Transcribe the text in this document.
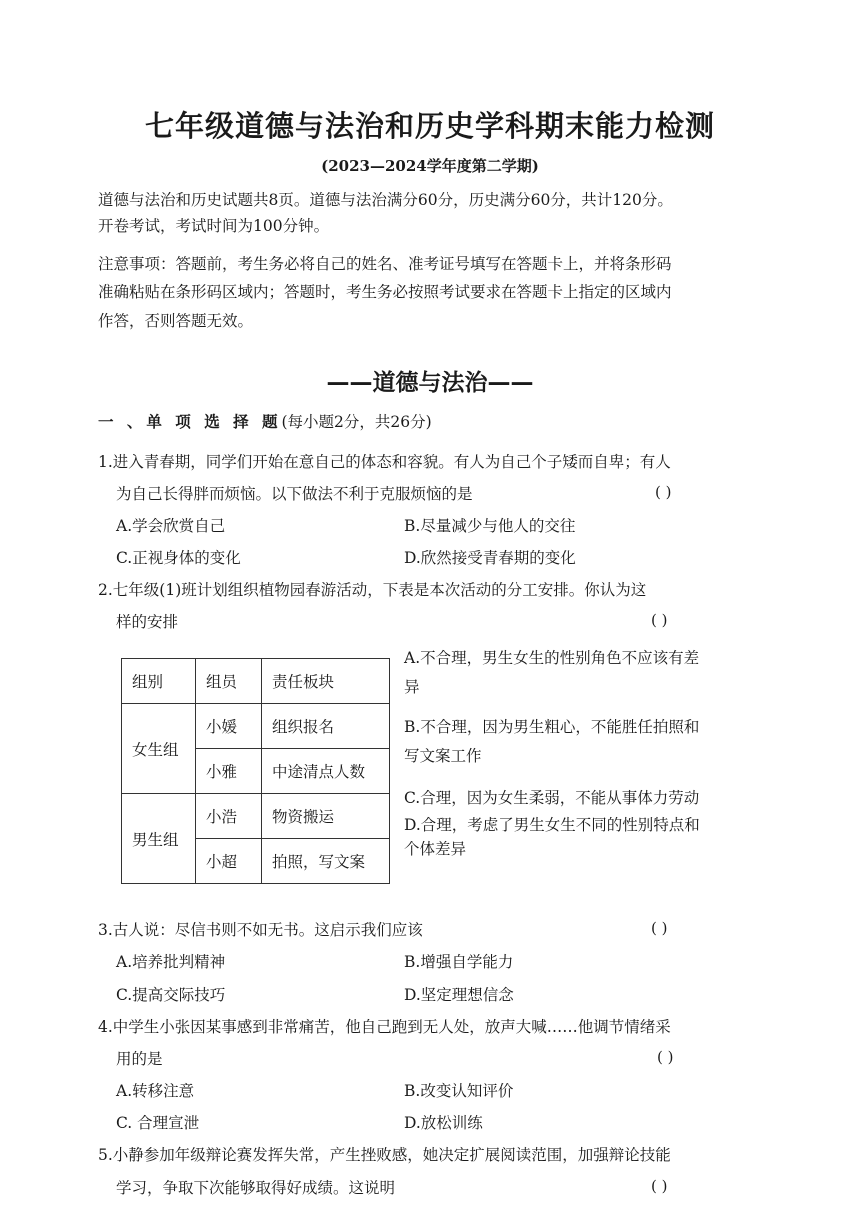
七年级道德与法治和历史学科期末能力检测
(2023—2024学年度第二学期)
道德与法治和历史试题共8页。道德与法治满分60分，历史满分60分，共计120分。
开卷考试，考试时间为100分钟。
注意事项：答题前，考生务必将自己的姓名、准考证号填写在答题卡上，并将条形码
准确粘贴在条形码区域内；答题时，考生务必按照考试要求在答题卡上指定的区域内
作答，否则答题无效。
——道德与法治——
一 、单 项 选 择 题(每小题2分，共26分)
1.进入青春期，同学们开始在意自己的体态和容貌。有人为自己个子矮而自卑；有人
为自己长得胖而烦恼。以下做法不利于克服烦恼的是	( )
A.学会欣赏自己	B.尽量减少与他人的交往
C.正视身体的变化	D.欣然接受青春期的变化
2.七年级(1)班计划组织植物园春游活动，下表是本次活动的分工安排。你认为这
样的安排	( )
组别	组员	责任板块
女生组	小媛	组织报名
	小雅	中途清点人数
男生组	小浩	物资搬运
	小超	拍照，写文案
A.不合理，男生女生的性别角色不应该有差
异
B.不合理，因为男生粗心，不能胜任拍照和
写文案工作
C.合理，因为女生柔弱，不能从事体力劳动
D.合理，考虑了男生女生不同的性别特点和
个体差异
3.古人说：尽信书则不如无书。这启示我们应该	( )
A.培养批判精神	B.增强自学能力
C.提高交际技巧	D.坚定理想信念
4.中学生小张因某事感到非常痛苦，他自己跑到无人处，放声大喊……他调节情绪采
用的是	( )
A.转移注意	B.改变认知评价
C. 合理宣泄	D.放松训练
5.小静参加年级辩论赛发挥失常，产生挫败感，她决定扩展阅读范围，加强辩论技能
学习，争取下次能够取得好成绩。这说明	( )
